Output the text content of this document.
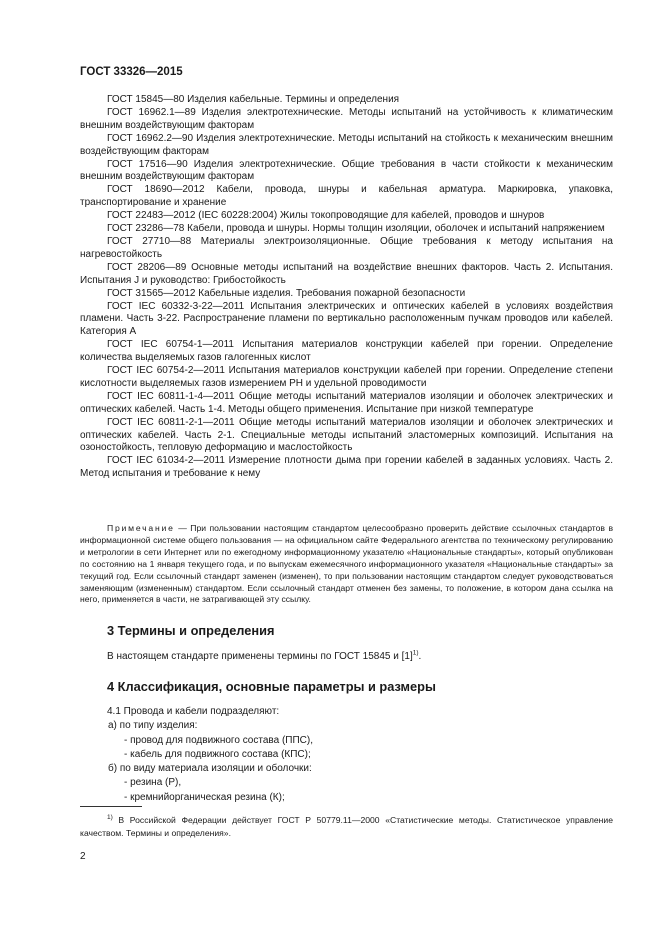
ГОСТ 33326—2015

ГОСТ 15845—80 Изделия кабельные. Термины и определения

ГОСТ 16962.1—89 Изделия электротехнические. Методы испытаний на устойчивость к климатическим внешним воздействующим факторам

ГОСТ 16962.2—90 Изделия электротехнические. Методы испытаний на стойкость к механическим внешним воздействующим факторам

ГОСТ 17516—90 Изделия электротехнические. Общие требования в части стойкости к механическим внешним воздействующим факторам

ГОСТ 18690—2012 Кабели, провода, шнуры и кабельная арматура. Маркировка, упаковка, транспортирование и хранение

ГОСТ 22483—2012 (IEC 60228:2004) Жилы токопроводящие для кабелей, проводов и шнуров

ГОСТ 23286—78 Кабели, провода и шнуры. Нормы толщин изоляции, оболочек и испытаний напряжением

ГОСТ 27710—88 Материалы электроизоляционные. Общие требования к методу испытания на нагревостойкость

ГОСТ 28206—89 Основные методы испытаний на воздействие внешних факторов. Часть 2. Испытания. Испытания J и руководство: Грибостойкость

ГОСТ 31565—2012 Кабельные изделия. Требования пожарной безопасности

ГОСТ IEC 60332-3-22—2011 Испытания электрических и оптических кабелей в условиях воздействия пламени. Часть 3-22. Распространение пламени по вертикально расположенным пучкам проводов или кабелей. Категория А

ГОСТ IEC 60754-1—2011 Испытания материалов конструкции кабелей при горении. Определение количества выделяемых газов галогенных кислот

ГОСТ IEC 60754-2—2011 Испытания материалов конструкции кабелей при горении. Определение степени кислотности выделяемых газов измерением PH и удельной проводимости

ГОСТ IEC 60811-1-4—2011 Общие методы испытаний материалов изоляции и оболочек электрических и оптических кабелей. Часть 1-4. Методы общего применения. Испытание при низкой температуре

ГОСТ IEC 60811-2-1—2011 Общие методы испытаний материалов изоляции и оболочек электрических и оптических кабелей. Часть 2-1. Специальные методы испытаний эластомерных композиций. Испытания на озоностойкость, тепловую деформацию и маслостойкость

ГОСТ IEC 61034-2—2011 Измерение плотности дыма при горении кабелей в заданных условиях. Часть 2. Метод испытания и требование к нему

Примечание — При пользовании настоящим стандартом целесообразно проверить действие ссылочных стандартов в информационной системе общего пользования — на официальном сайте Федерального агентства по техническому регулированию и метрологии в сети Интернет или по ежегодному информационному указателю «Национальные стандарты», который опубликован по состоянию на 1 января текущего года, и по выпускам ежемесячного информационного указателя «Национальные стандарты» за текущий год. Если ссылочный стандарт заменен (изменен), то при пользовании настоящим стандартом следует руководствоваться заменяющим (измененным) стандартом. Если ссылочный стандарт отменен без замены, то положение, в котором дана ссылка на него, применяется в части, не затрагивающей эту ссылку.

3 Термины и определения

В настоящем стандарте применены термины по ГОСТ 15845 и $[1]^{1)}$.

4 Классификация, основные параметры и размеры
4.1 Провода и кабели подразделяют:
а) по типу изделия:
- провод для подвижного состава (ППС),
- кабель для подвижного состава (КПС);
б) по виду материала изоляции и оболочки:
- резина (Р),
- кремнийорганическая резина (К);

$^{1)}$ В Российской Федерации действует ГОСТ Р 50779.11—2000 «Статистические методы. Статистическое управление качеством. Термины и определения».

2
